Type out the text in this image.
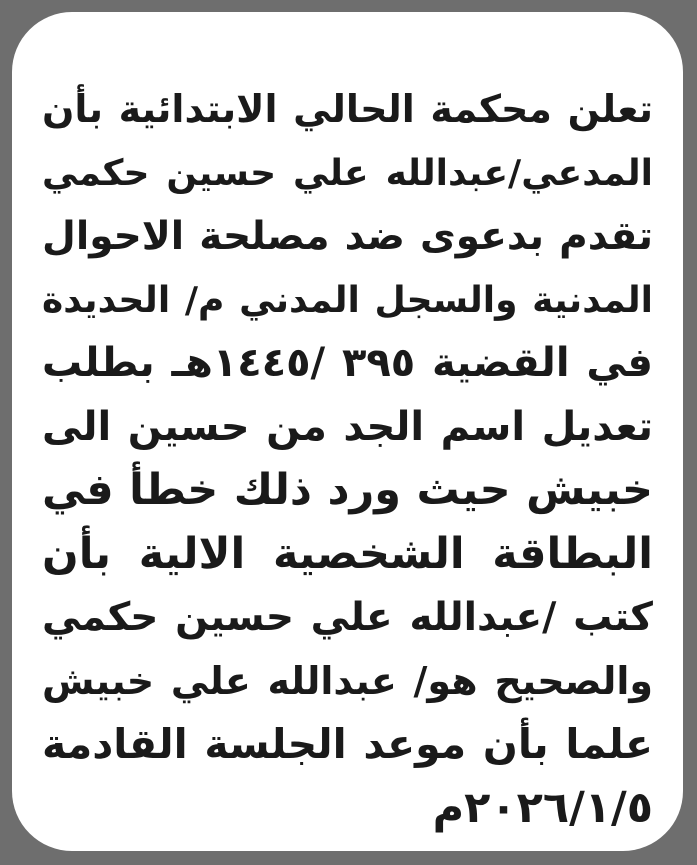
تعلن محكمة الحالي الابتدائية بأن
المدعي/عبدالله علي حسين حكمي
تقدم بدعوى ضد مصلحة الاحوال
المدنية والسجل المدني م/ الحديدة
في القضية ٣٩٥ /١٤٤٥هـ بطلب
تعديل اسم الجد من حسين الى
خبيش حيث ورد ذلك خطأ في
البطاقة الشخصية الالية بأن
كتب /عبدالله علي حسين حكمي
والصحيح هو/ عبدالله علي خبيش
علما بأن موعد الجلسة القادمة
٢٠٢٦/١/٥م
